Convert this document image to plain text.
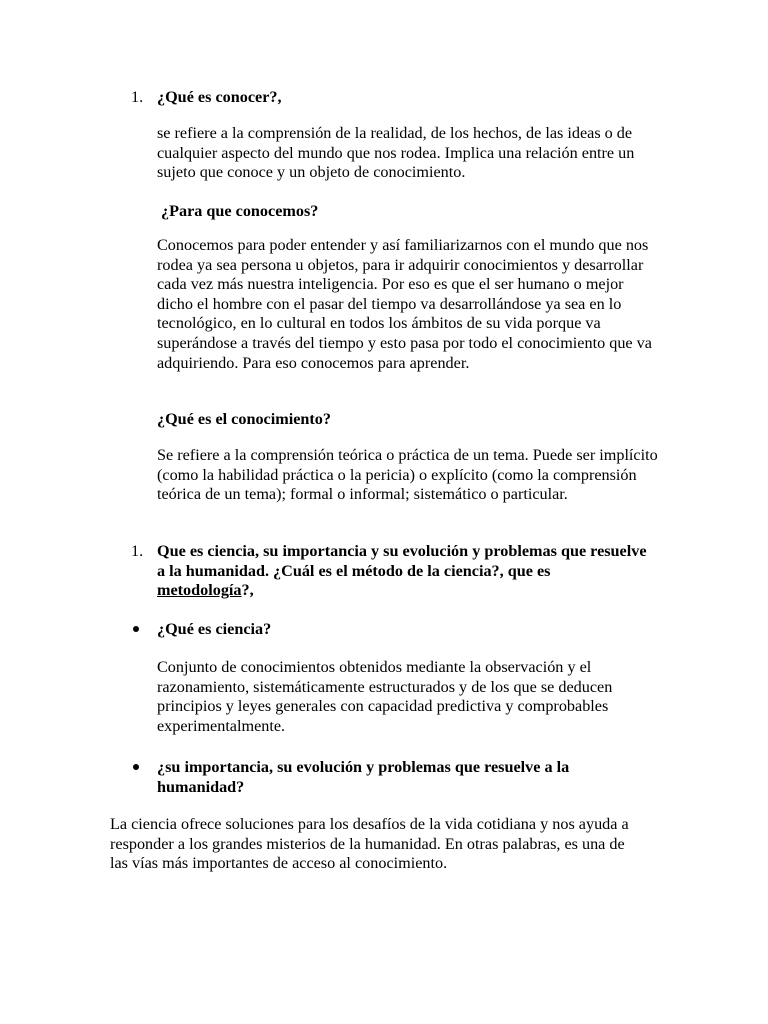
1. ¿Qué es conocer?,

se refiere a la comprensión de la realidad, de los hechos, de las ideas o de cualquier aspecto del mundo que nos rodea. Implica una relación entre un sujeto que conoce y un objeto de conocimiento.

¿Para que conocemos?

Conocemos para poder entender y así familiarizarnos con el mundo que nos rodea ya sea persona u objetos, para ir adquirir conocimientos y desarrollar cada vez más nuestra inteligencia. Por eso es que el ser humano o mejor dicho el hombre con el pasar del tiempo va desarrollándose ya sea en lo tecnológico, en lo cultural en todos los ámbitos de su vida porque va superándose a través del tiempo y esto pasa por todo el conocimiento que va adquiriendo. Para eso conocemos para aprender.

¿Qué es el conocimiento?

Se refiere a la comprensión teórica o práctica de un tema. Puede ser implícito (como la habilidad práctica o la pericia) o explícito (como la comprensión teórica de un tema); formal o informal; sistemático o particular.

1. Que es ciencia, su importancia y su evolución y problemas que resuelve a la humanidad. ¿Cuál es el método de la ciencia?, que es metodología?,
¿Qué es ciencia?

Conjunto de conocimientos obtenidos mediante la observación y el razonamiento, sistemáticamente estructurados y de los que se deducen principios y leyes generales con capacidad predictiva y comprobables experimentalmente.

¿su importancia, su evolución y problemas que resuelve a la humanidad?

La ciencia ofrece soluciones para los desafíos de la vida cotidiana y nos ayuda a responder a los grandes misterios de la humanidad. En otras palabras, es una de las vías más importantes de acceso al conocimiento.
